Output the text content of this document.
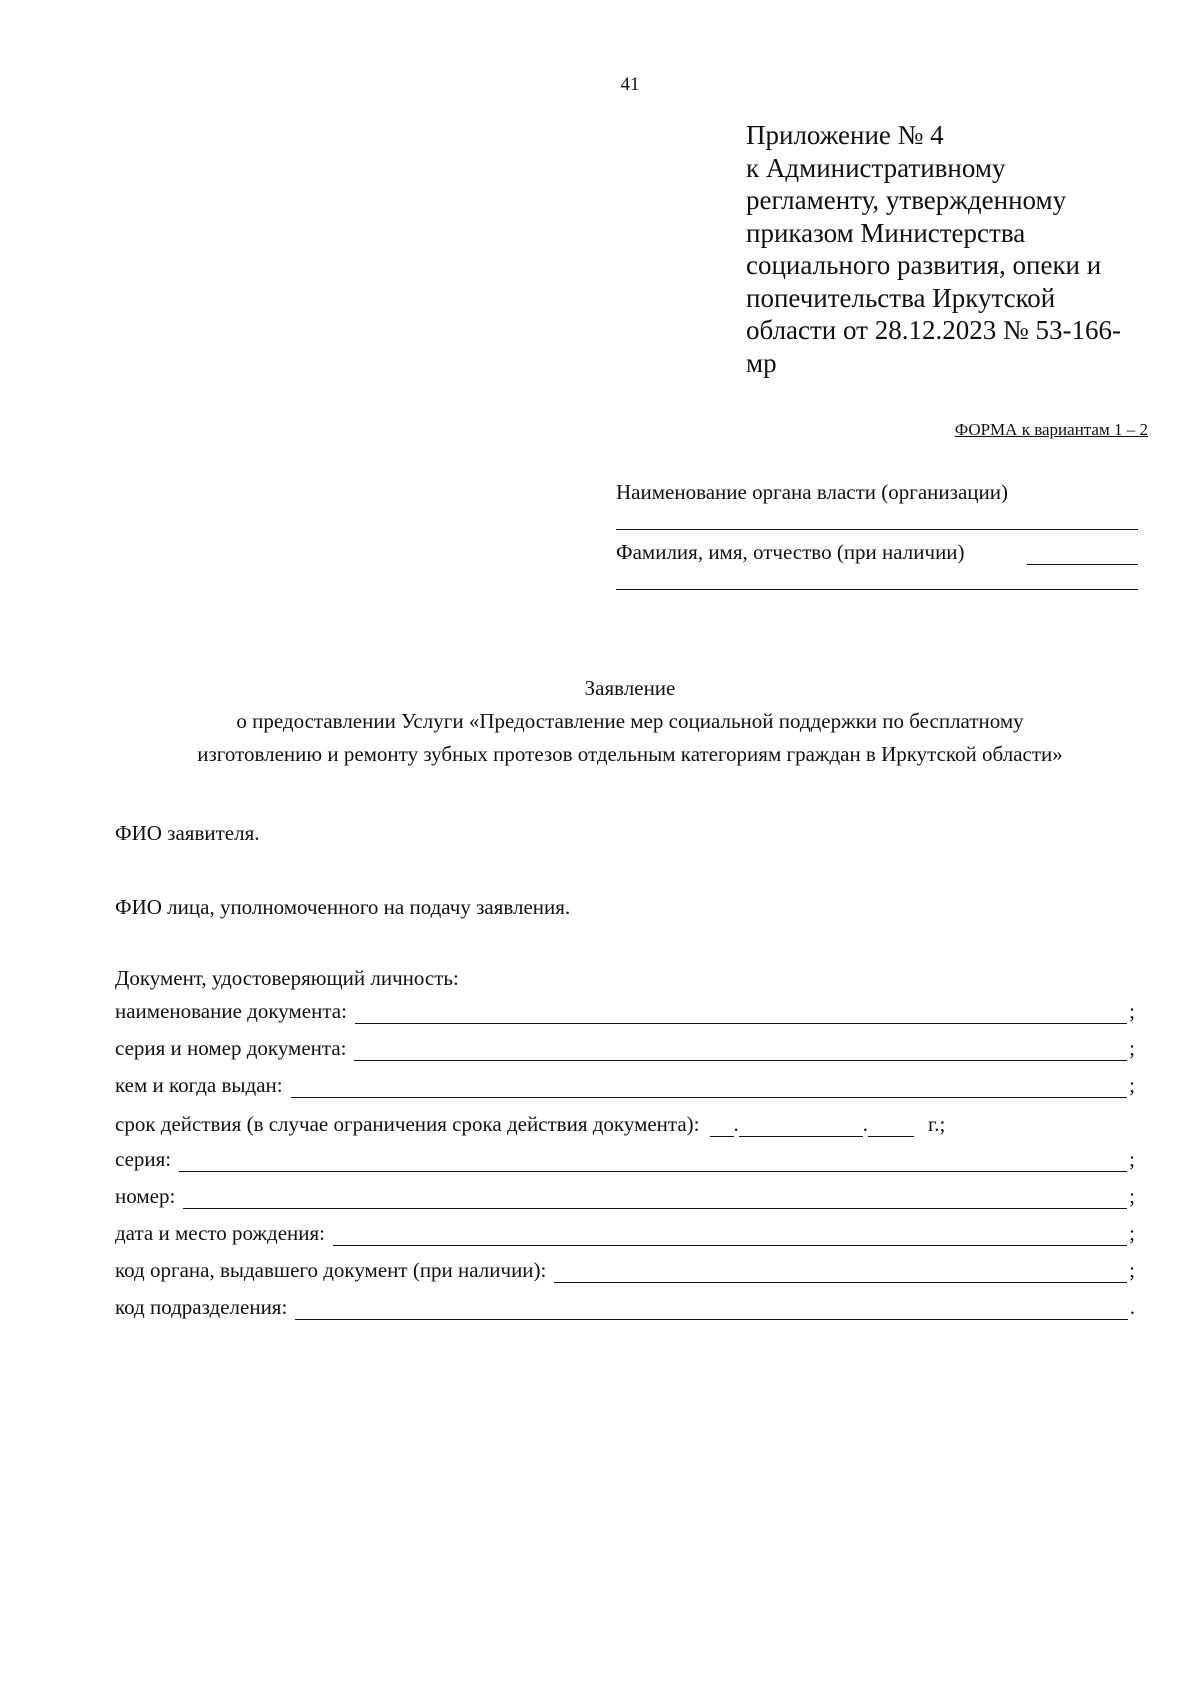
41
Приложение № 4
к Административному
регламенту, утвержденному
приказом Министерства
социального развития, опеки и
попечительства Иркутской
области от 28.12.2023 № 53-166-
мр
ФОРМА к вариантам 1 – 2
Наименование органа власти (организации)
Фамилия, имя, отчество (при наличии)
Заявление
о предоставлении Услуги «Предоставление мер социальной поддержки по бесплатному
изготовлению и ремонту зубных протезов отдельным категориям граждан в Иркутской области»
ФИО заявителя.
ФИО лица, уполномоченного на подачу заявления.
Документ, удостоверяющий личность:
наименование документа:	;
серия и номер документа:	;
кем и когда выдан:	;
срок действия (в случае ограничения срока действия документа): .	.	г.;
серия:	;
номер:	;
дата и место рождения:	;
код органа, выдавшего документ (при наличии):	;
код подразделения:	.
